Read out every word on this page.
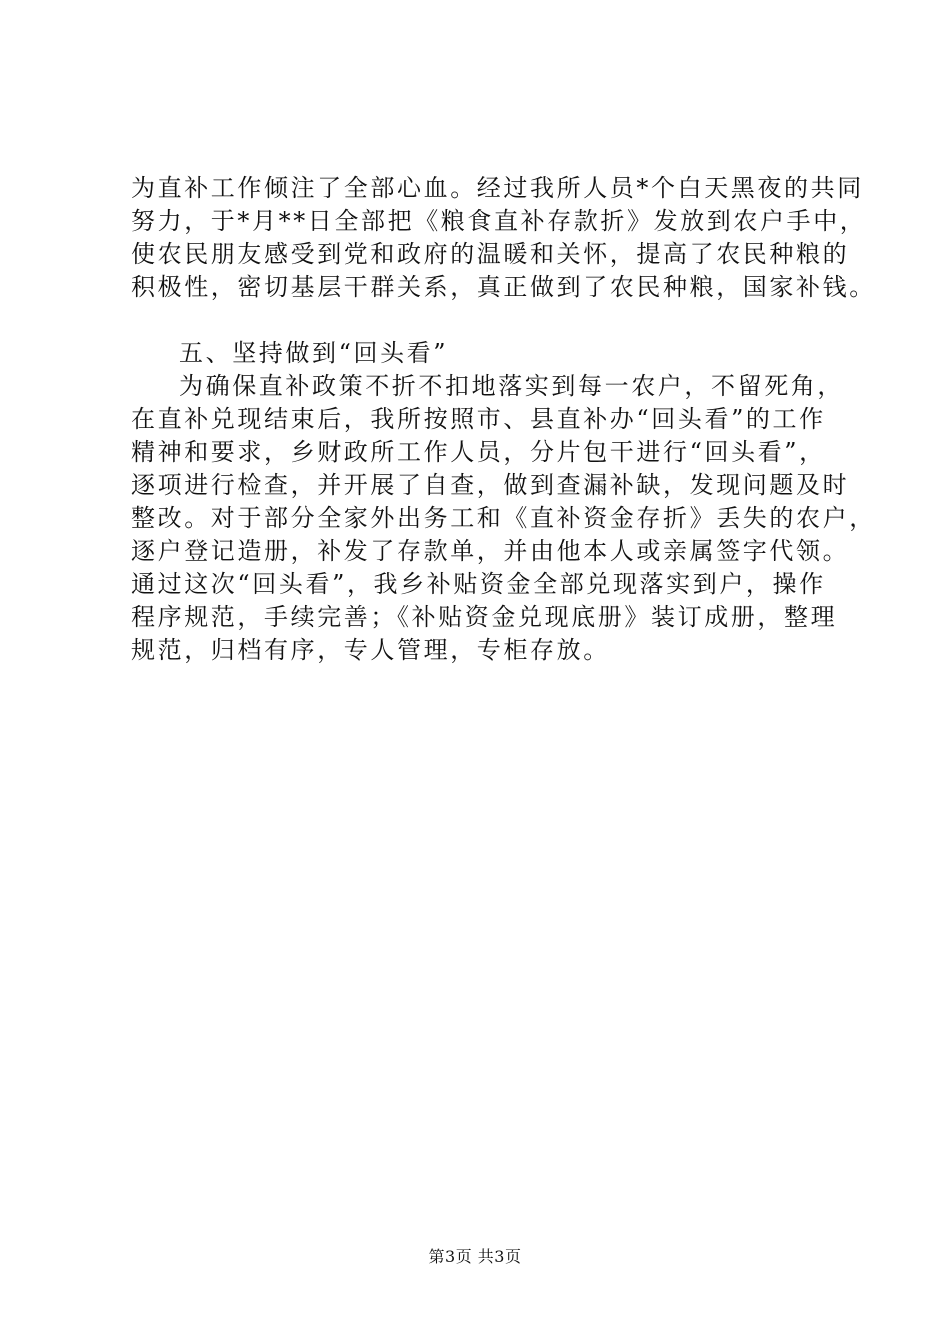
为直补工作倾注了全部心血。经过我所人员*个白天黑夜的共同
努力，于*月**日全部把《粮食直补存款折》发放到农户手中，
使农民朋友感受到党和政府的温暖和关怀，提高了农民种粮的
积极性，密切基层干群关系，真正做到了农民种粮，国家补钱。
五、坚持做到“回头看”
为确保直补政策不折不扣地落实到每一农户，不留死角，
在直补兑现结束后，我所按照市、县直补办“回头看”的工作
精神和要求，乡财政所工作人员，分片包干进行“回头看”，
逐项进行检查，并开展了自查，做到查漏补缺，发现问题及时
整改。对于部分全家外出务工和《直补资金存折》丢失的农户，
逐户登记造册，补发了存款单，并由他本人或亲属签字代领。
通过这次“回头看”，我乡补贴资金全部兑现落实到户，操作
程序规范，手续完善；《补贴资金兑现底册》装订成册，整理
规范，归档有序，专人管理，专柜存放。
第3页 共3页
